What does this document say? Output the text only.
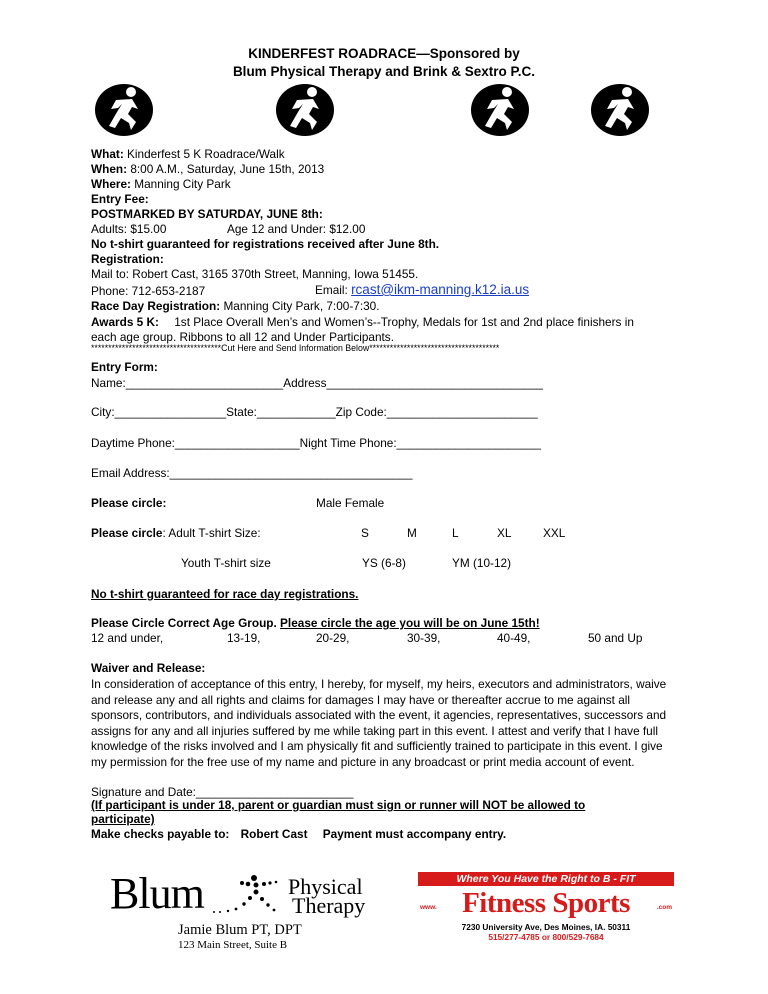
KINDERFEST ROADRACE—Sponsored by
Blum Physical Therapy and Brink & Sextro P.C.
What: Kinderfest 5 K Roadrace/Walk
When: 8:00 A.M., Saturday, June 15th, 2013
Where: Manning City Park
Entry Fee:
POSTMARKED BY SATURDAY, JUNE 8th:
Adults: $15.00	Age 12 and Under: $12.00
No t-shirt guaranteed for registrations received after June 8th.
Registration:
Mail to: Robert Cast, 3165 370th Street, Manning, Iowa 51455.
Phone: 712-653-2187	Email: rcast@ikm-manning.k12.ia.us
Race Day Registration: Manning City Park, 7:00-7:30.
Awards 5 K: 1st Place Overall Men’s and Women’s--Trophy, Medals for 1st and 2nd place finishers in
each age group. Ribbons to all 12 and Under Participants.
**************************************Cut Here and Send Information Below**************************************
Entry Form:
Name:________________________Address_________________________________
City:_________________State:____________Zip Code:_______________________
Daytime Phone:___________________Night Time Phone:______________________
Email Address:_____________________________________
Please circle:	Male Female
Please circle: Adult T-shirt Size:	S	M	L	XL	XXL
Youth T-shirt size	YS (6-8)	YM (10-12)
No t-shirt guaranteed for race day registrations.
Please Circle Correct Age Group. Please circle the age you will be on June 15th!
12 and under,	13-19,	20-29,	30-39,	40-49,	50 and Up
Waiver and Release:
In consideration of acceptance of this entry, I hereby, for myself, my heirs, executors and administrators, waive and release any and all rights and claims for damages I may have or thereafter accrue to me against all sponsors, contributors, and individuals associated with the event, it agencies, representatives, successors and assigns for any and all injuries suffered by me while taking part in this event. I attest and verify that I have full knowledge of the risks involved and I am physically fit and sufficiently trained to participate in this event. I give my permission for the free use of my name and picture in any broadcast or print media account of event.
Signature and Date:________________________
(If participant is under 18, parent or guardian must sign or runner will NOT be allowed to
participate)
Make checks payable to: Robert Cast Payment must accompany entry.
Blum	Physical
Therapy
Jamie Blum PT, DPT
123 Main Street, Suite B
Where You Have the Right to B - FIT
www. Fitness Sports	.com
7230 University Ave, Des Moines, IA. 50311
515/277-4785 or 800/529-7684
